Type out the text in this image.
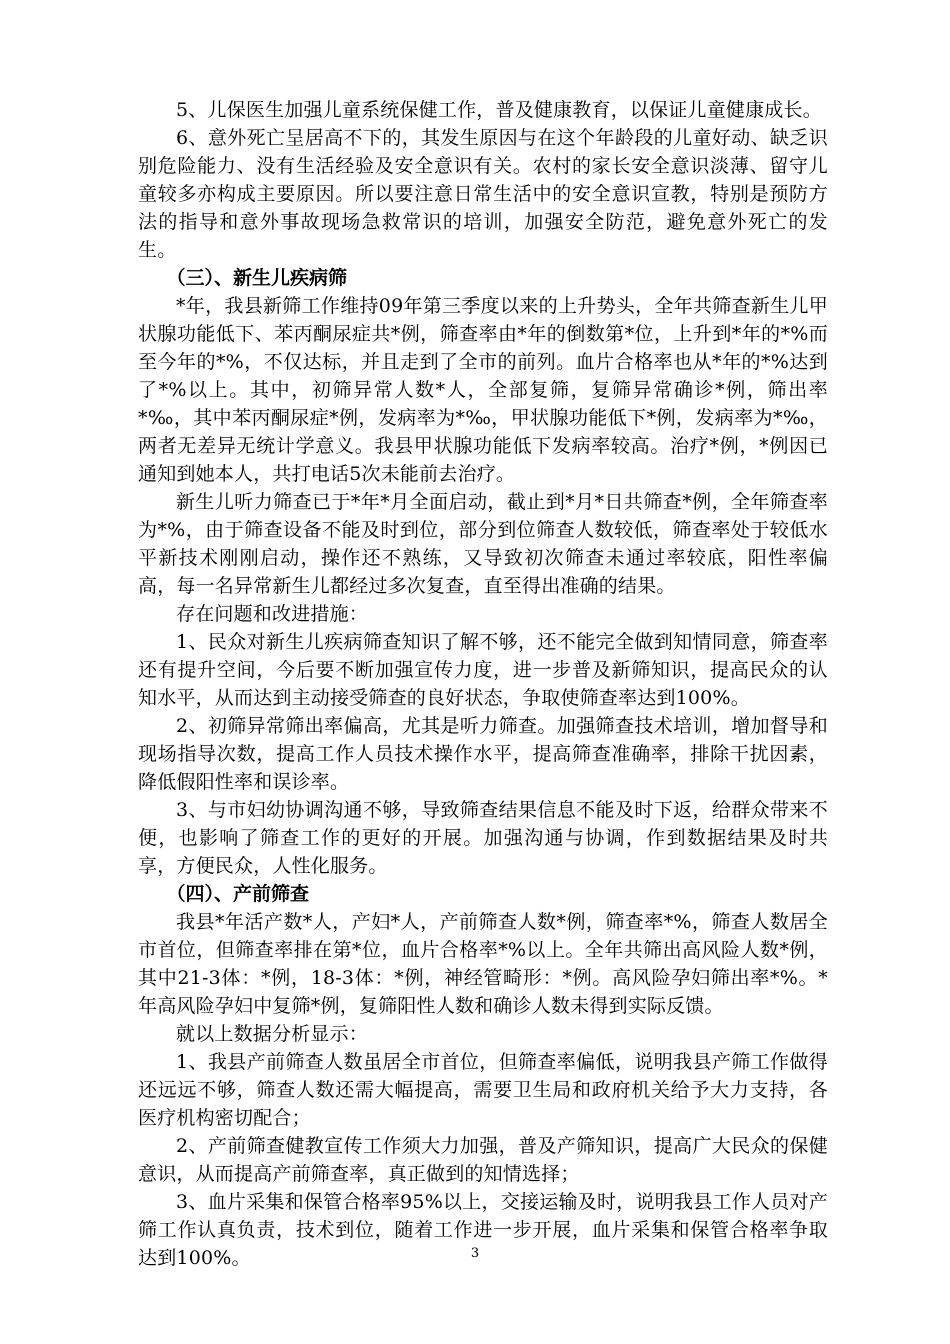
5、儿保医生加强儿童系统保健工作，普及健康教育，以保证儿童健康成长。

6、意外死亡呈居高不下的，其发生原因与在这个年龄段的儿童好动、缺乏识别危险能力、没有生活经验及安全意识有关。农村的家长安全意识淡薄、留守儿童较多亦构成主要原因。所以要注意日常生活中的安全意识宣教，特别是预防方法的指导和意外事故现场急救常识的培训，加强安全防范，避免意外死亡的发生。

（三）、新生儿疾病筛

*年，我县新筛工作维持09年第三季度以来的上升势头，全年共筛查新生儿甲状腺功能低下、苯丙酮尿症共*例，筛查率由*年的倒数第*位，上升到*年的*%而至今年的*%，不仅达标，并且走到了全市的前列。血片合格率也从*年的*%达到了*%以上。其中，初筛异常人数*人，全部复筛，复筛异常确诊*例，筛出率*‰，其中苯丙酮尿症*例，发病率为*‰，甲状腺功能低下*例，发病率为*‰，两者无差异无统计学意义。我县甲状腺功能低下发病率较高。治疗*例，*例因已通知到她本人，共打电话5次未能前去治疗。

新生儿听力筛查已于*年*月全面启动，截止到*月*日共筛查*例，全年筛查率为*%，由于筛查设备不能及时到位，部分到位筛查人数较低，筛查率处于较低水平新技术刚刚启动，操作还不熟练，又导致初次筛查未通过率较底，阳性率偏高，每一名异常新生儿都经过多次复查，直至得出准确的结果。

存在问题和改进措施：

1、民众对新生儿疾病筛查知识了解不够，还不能完全做到知情同意，筛查率还有提升空间，今后要不断加强宣传力度，进一步普及新筛知识，提高民众的认知水平，从而达到主动接受筛查的良好状态，争取使筛查率达到100%。

2、初筛异常筛出率偏高，尤其是听力筛查。加强筛查技术培训，增加督导和现场指导次数，提高工作人员技术操作水平，提高筛查准确率，排除干扰因素，降低假阳性率和误诊率。

3、与市妇幼协调沟通不够，导致筛查结果信息不能及时下返，给群众带来不便，也影响了筛查工作的更好的开展。加强沟通与协调，作到数据结果及时共享，方便民众，人性化服务。

（四）、产前筛查

我县*年活产数*人，产妇*人，产前筛查人数*例，筛查率*%，筛查人数居全市首位，但筛查率排在第*位，血片合格率*%以上。全年共筛出高风险人数*例，其中21-3体：*例，18-3体：*例，神经管畸形：*例。高风险孕妇筛出率*%。*年高风险孕妇中复筛*例，复筛阳性人数和确诊人数未得到实际反馈。

就以上数据分析显示：

1、我县产前筛查人数虽居全市首位，但筛查率偏低，说明我县产筛工作做得还远远不够，筛查人数还需大幅提高，需要卫生局和政府机关给予大力支持，各医疗机构密切配合；

2、产前筛查健教宣传工作须大力加强，普及产筛知识，提高广大民众的保健意识，从而提高产前筛查率，真正做到的知情选择；

3、血片采集和保管合格率95%以上，交接运输及时，说明我县工作人员对产筛工作认真负责，技术到位，随着工作进一步开展，血片采集和保管合格率争取达到100%。	3
